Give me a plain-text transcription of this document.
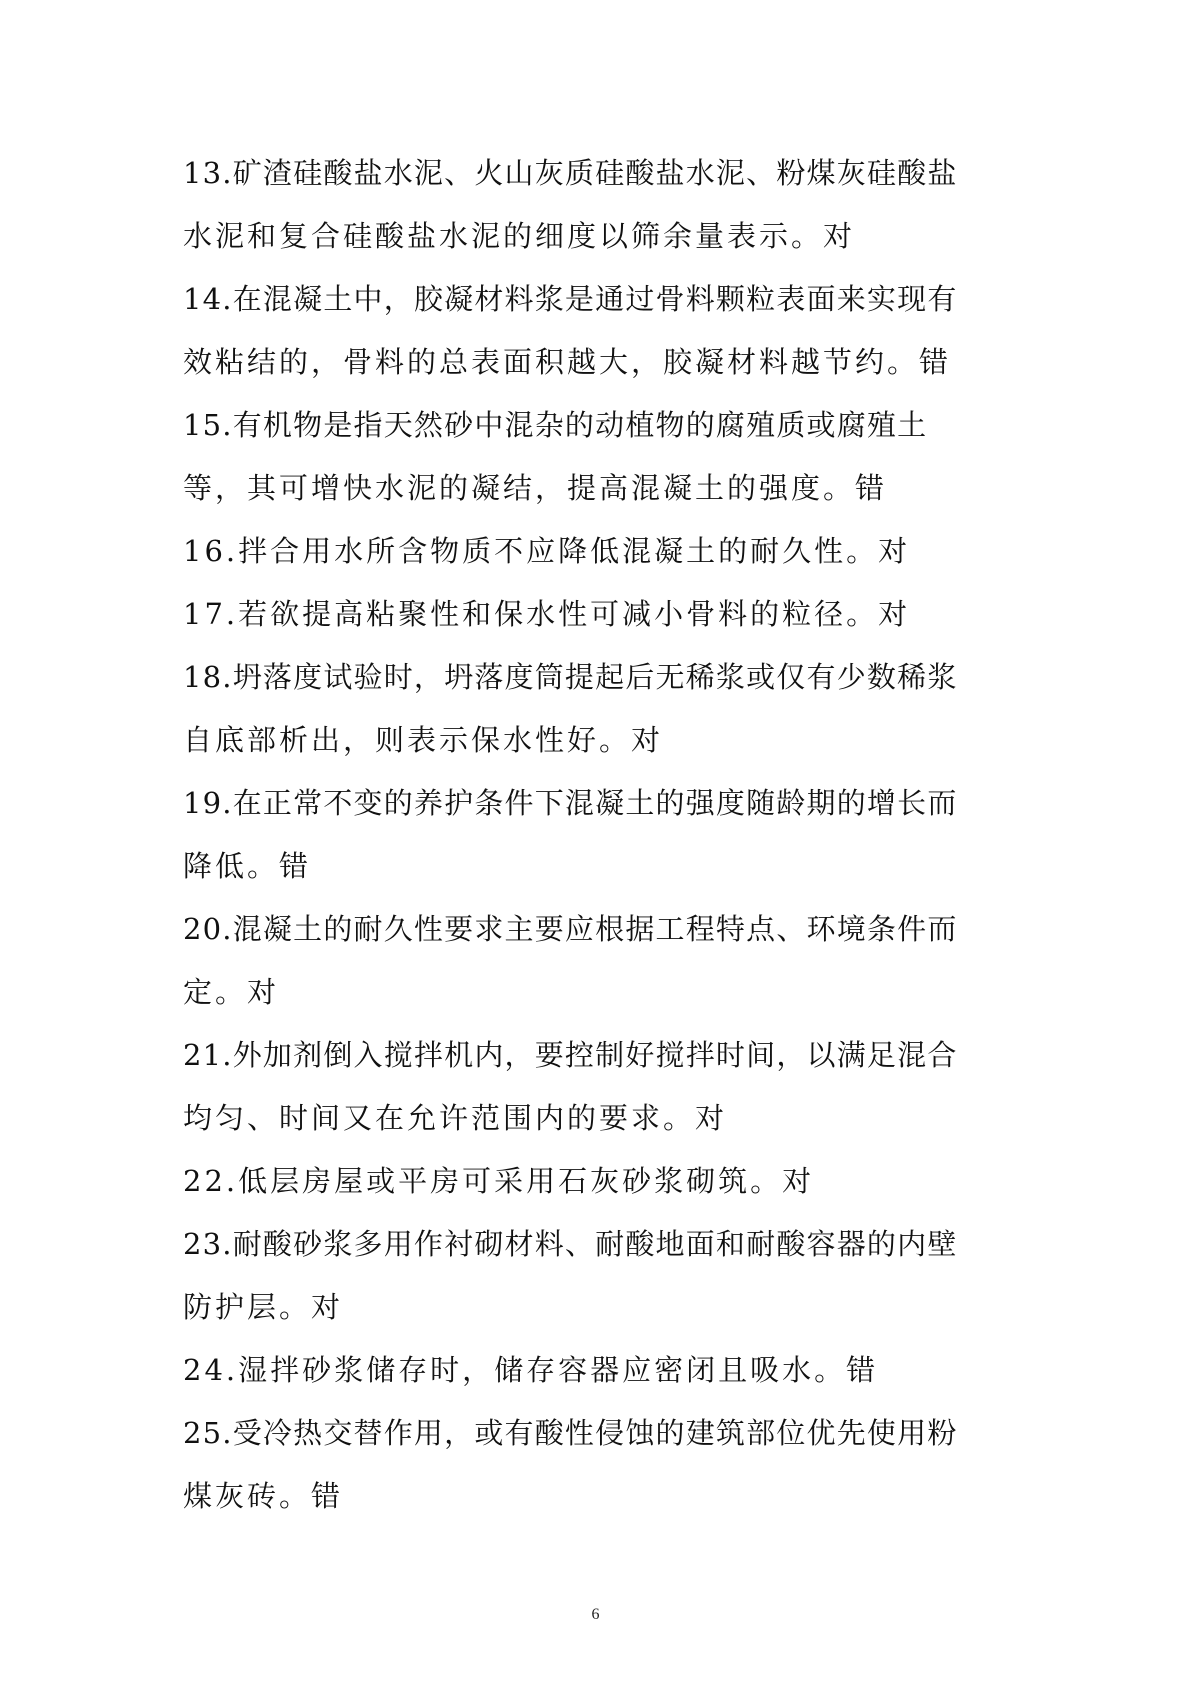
13.矿渣硅酸盐水泥、火山灰质硅酸盐水泥、粉煤灰硅酸盐
水泥和复合硅酸盐水泥的细度以筛余量表示。对
14.在混凝土中，胶凝材料浆是通过骨料颗粒表面来实现有
效粘结的，骨料的总表面积越大，胶凝材料越节约。错
15.有机物是指天然砂中混杂的动植物的腐殖质或腐殖土
等，其可增快水泥的凝结，提高混凝土的强度。错
16.拌合用水所含物质不应降低混凝土的耐久性。对
17.若欲提高粘聚性和保水性可减小骨料的粒径。对
18.坍落度试验时，坍落度筒提起后无稀浆或仅有少数稀浆
自底部析出，则表示保水性好。对
19.在正常不变的养护条件下混凝土的强度随龄期的增长而
降低。错
20.混凝土的耐久性要求主要应根据工程特点、环境条件而
定。对
21.外加剂倒入搅拌机内，要控制好搅拌时间，以满足混合
均匀、时间又在允许范围内的要求。对
22.低层房屋或平房可采用石灰砂浆砌筑。对
23.耐酸砂浆多用作衬砌材料、耐酸地面和耐酸容器的内壁
防护层。对
24.湿拌砂浆储存时，储存容器应密闭且吸水。错
25.受冷热交替作用，或有酸性侵蚀的建筑部位优先使用粉
煤灰砖。错
6
